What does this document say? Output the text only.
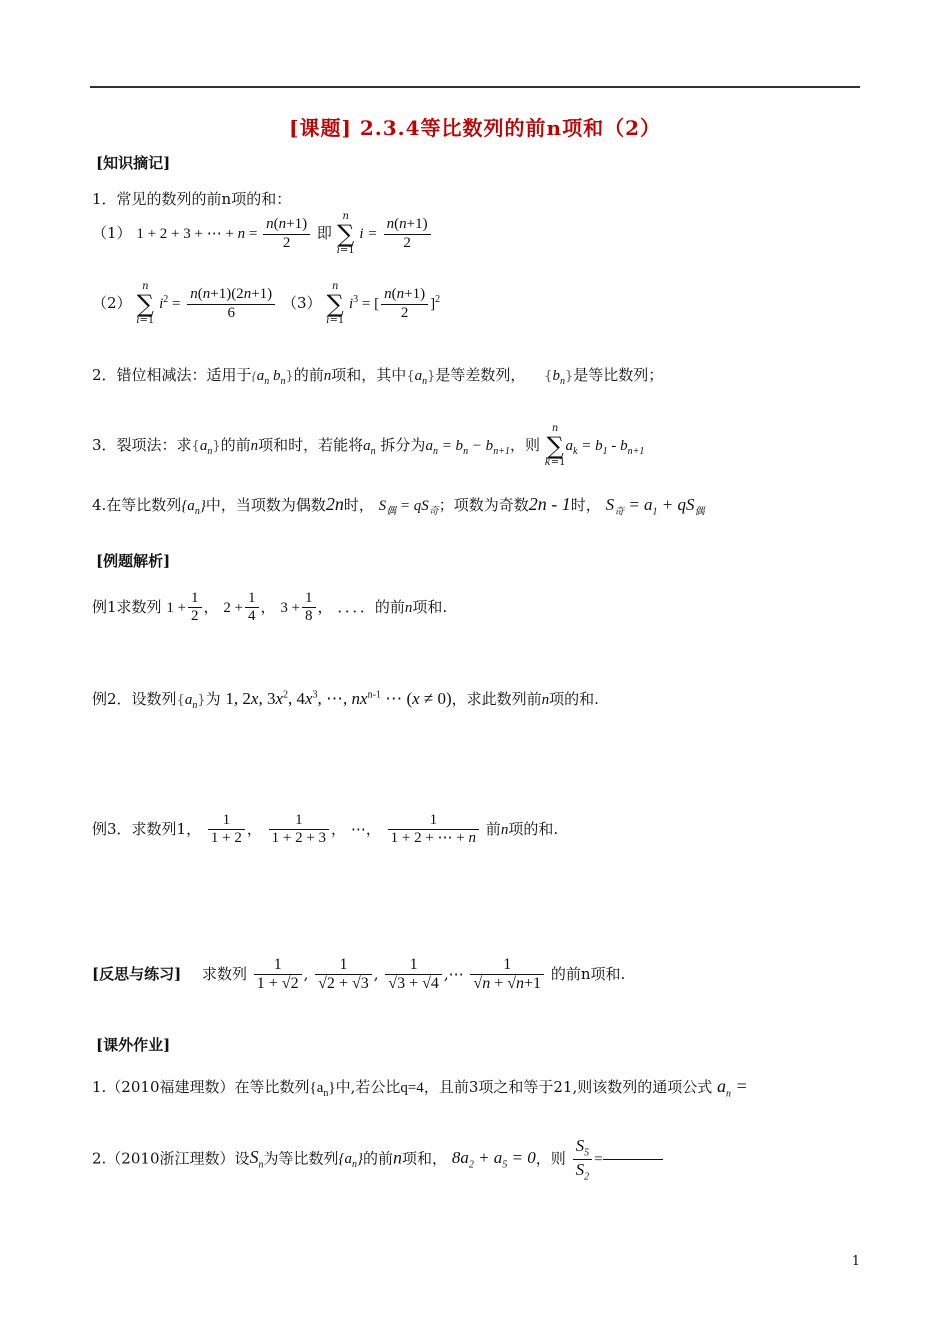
[课题] 2.3.4等比数列的前n项和（2）
[知识摘记]
1．常见的数列的前n项的和：
（1） 1 + 2 + 3 + ⋯ + $n = \frac{n(n+1)}{2}$ 即 n
∑
i=1 $i = \frac{n(n+1)}{2}$
（2） n
∑
i=1 $i^2 = \frac{n(n+1)(2n+1)}{6} (3)$ n
∑
i=1 $i^3$ = [ $\frac{n(n+1)}{2} ]^2$
2．错位相减法：适用于{$a_n$ $b_n$}的前n项和，其中$\{a_n\}$是等差数列， $\{b_n\}$是等比数列；
3．裂项法：求$\{a_n\}$的前n项和时，若能将$a_n$ 拆分为$a_n = b_n - b_{n+1}$，则 n
∑
$k=1a_k = b_1 - b_{n+1}$
4.在等比数列$\{a_n\}$中，当项数为偶数2n时， $S_偶 = qS_奇$；项数为奇数2n - 1时， $S_奇 = a_1 + qS_偶$
[例题解析]
例1求数列 $1 + \frac{1}{2}$ ， $2 + \frac{1}{4}$ ， $3 + \frac{1}{8}$ ， ．．．．的前n项和.
例2．设数列$\{a_n\}$为 1, 2x, $3x^2$, $4x^3$, ⋯, $nx^{n-1}$ ⋯ (x ≠ 0)，求此数列前n项的和.
例3．求数列1， $\frac{1}{1 + 2}$ ， $\frac{1}{1 + 2 + 3}$ ， ⋯， $\frac{1}{1 + 2 + \cdots + n}$ 前n项的和.
[反思与练习] 求数列 $\frac{1}{1 + √2}$ , $\frac{1}{√2 + √3}$ , $\frac{1}{√3 + √4}$ ,⋯ $\frac{1}{√n + √n+1}$ 的前n项和.
[课外作业]
1.（2010福建理数）在等比数列$\{a_n\}$中,若公比q=4，且前3项之和等于21,则该数列的通项公式 $a_n$ =
2.（2010浙江理数）设$S_n$为等比数列$\{a_n\}$的前n项和， $8a_2 + a_5 = 0$，则 $\frac{S_5}{S_2}$ =
1
